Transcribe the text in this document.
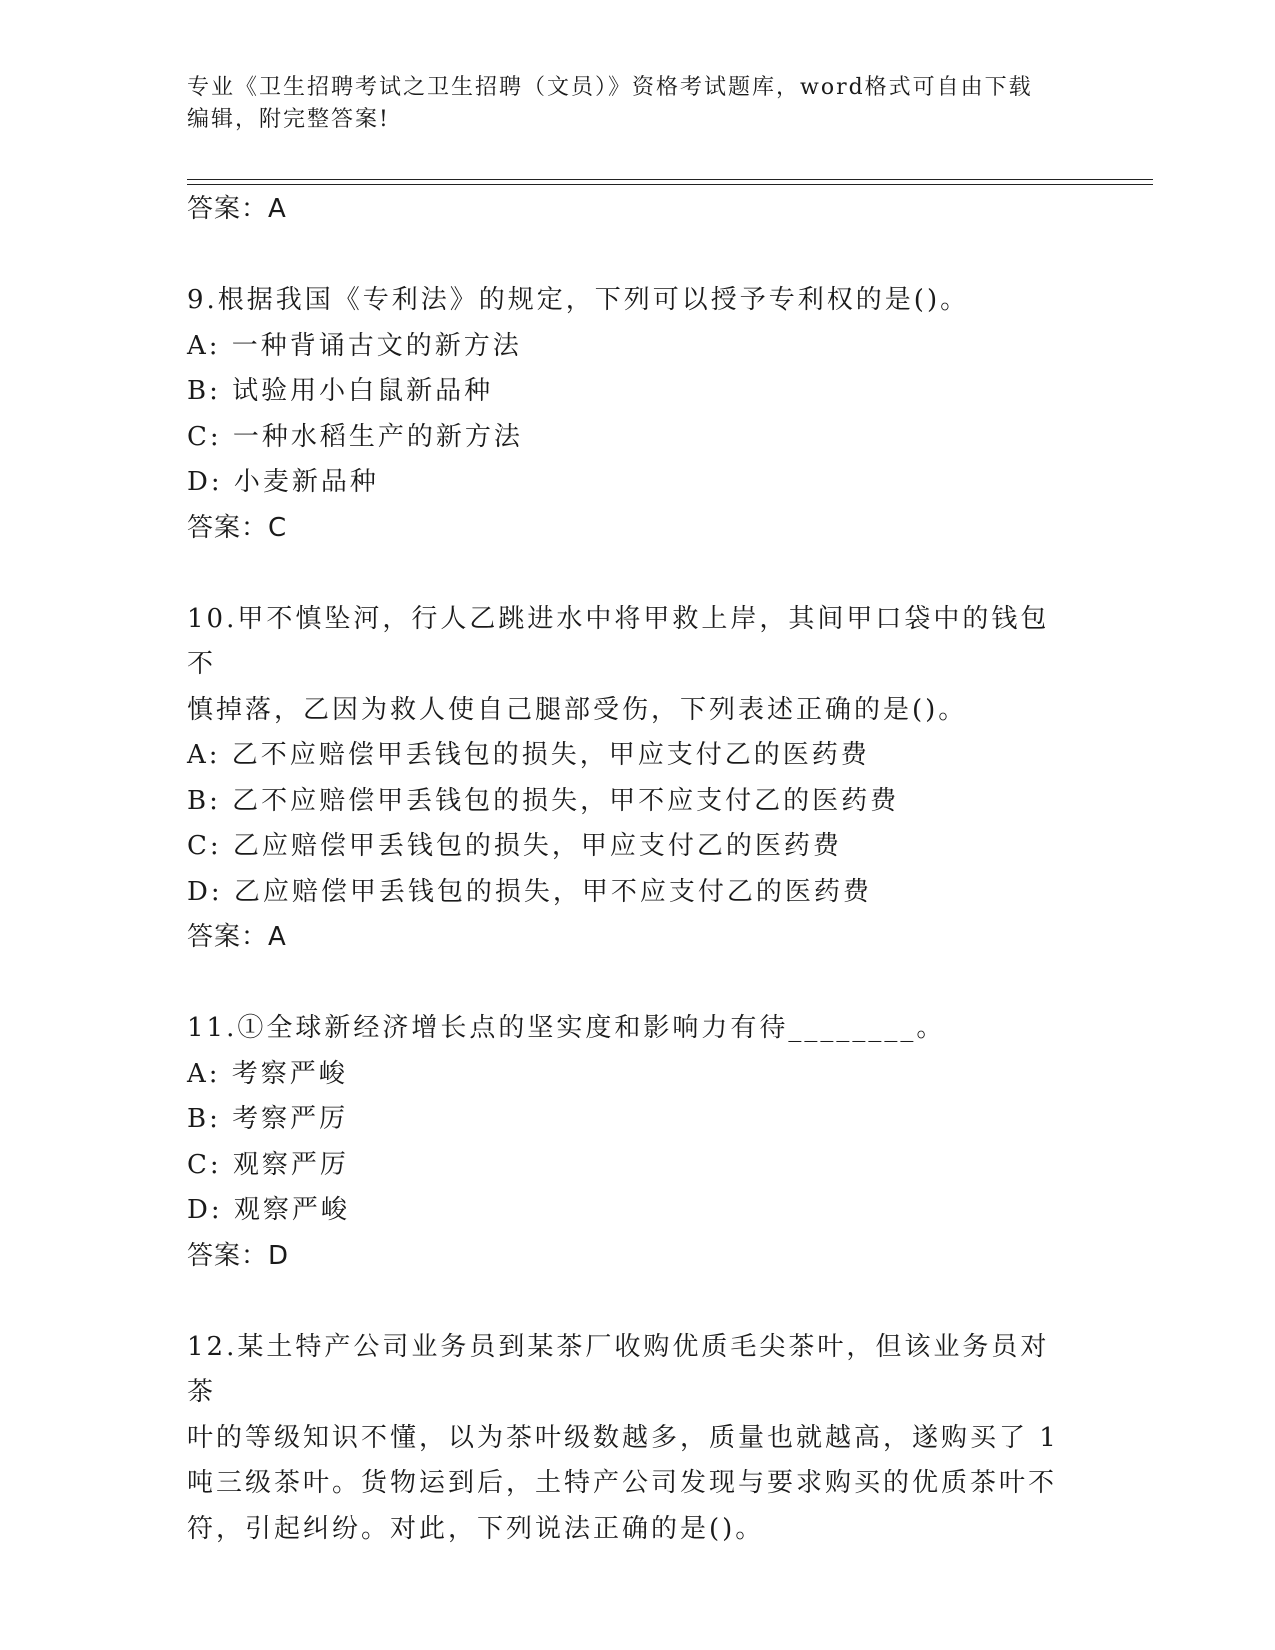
专业《卫生招聘考试之卫生招聘（文员）》资格考试题库，word格式可自由下载
编辑，附完整答案!
答案：A
9.根据我国《专利法》的规定，下列可以授予专利权的是()。
A: 一种背诵古文的新方法
B: 试验用小白鼠新品种
C: 一种水稻生产的新方法
D: 小麦新品种
答案：C
10.甲不慎坠河，行人乙跳进水中将甲救上岸，其间甲口袋中的钱包不
慎掉落，乙因为救人使自己腿部受伤，下列表述正确的是()。
A: 乙不应赔偿甲丢钱包的损失，甲应支付乙的医药费
B: 乙不应赔偿甲丢钱包的损失，甲不应支付乙的医药费
C: 乙应赔偿甲丢钱包的损失，甲应支付乙的医药费
D: 乙应赔偿甲丢钱包的损失，甲不应支付乙的医药费
答案：A
11.①全球新经济增长点的坚实度和影响力有待________。
A: 考察严峻
B: 考察严厉
C: 观察严厉
D: 观察严峻
答案：D
12.某土特产公司业务员到某茶厂收购优质毛尖茶叶，但该业务员对茶
叶的等级知识不懂，以为茶叶级数越多，质量也就越高，遂购买了 1
吨三级茶叶。货物运到后，土特产公司发现与要求购买的优质茶叶不
符，引起纠纷。对此，下列说法正确的是()。
